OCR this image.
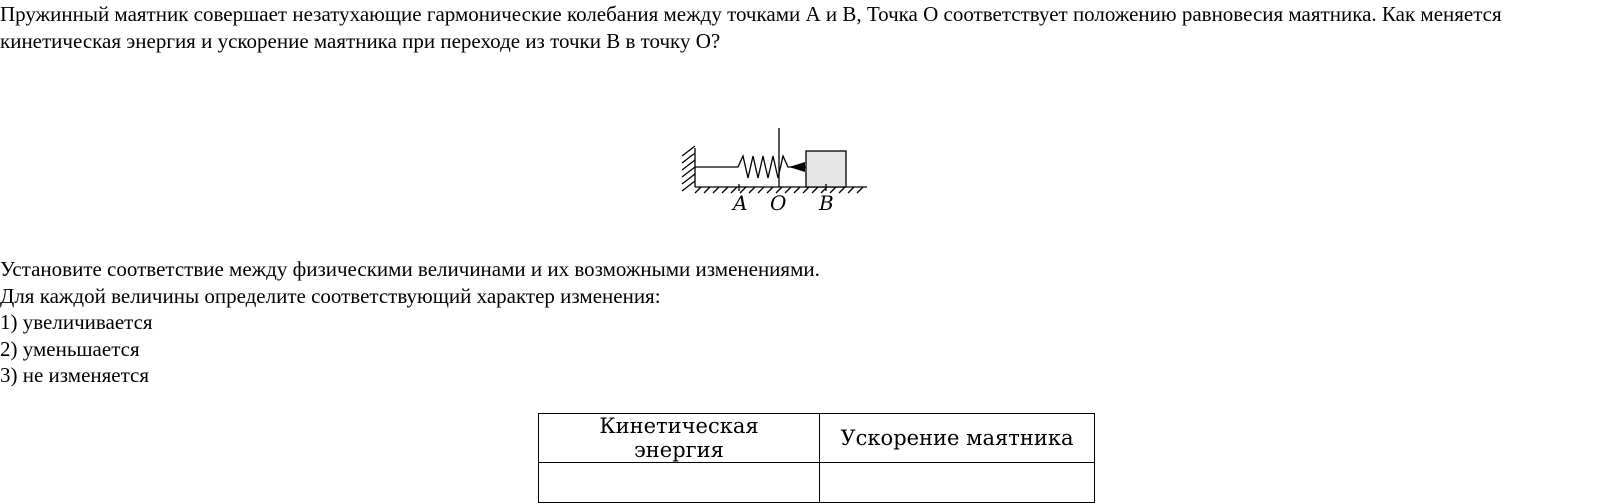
Пружинный маятник совершает незатухающие гармонические колебания между точками А и В, Точка О соответствует положению равновесия маятника. Как меняется кинетическая энергия и ускорение маятника при переходе из точки В в точку О?

A O B
Установите соответствие между физическими величинами и их возможными изменениями.
Для каждой величины определите соответствующий характер изменения:
1) увеличивается
2) уменьшается
3) не изменяется
Кинетическая энергия	Ускорение маятника
